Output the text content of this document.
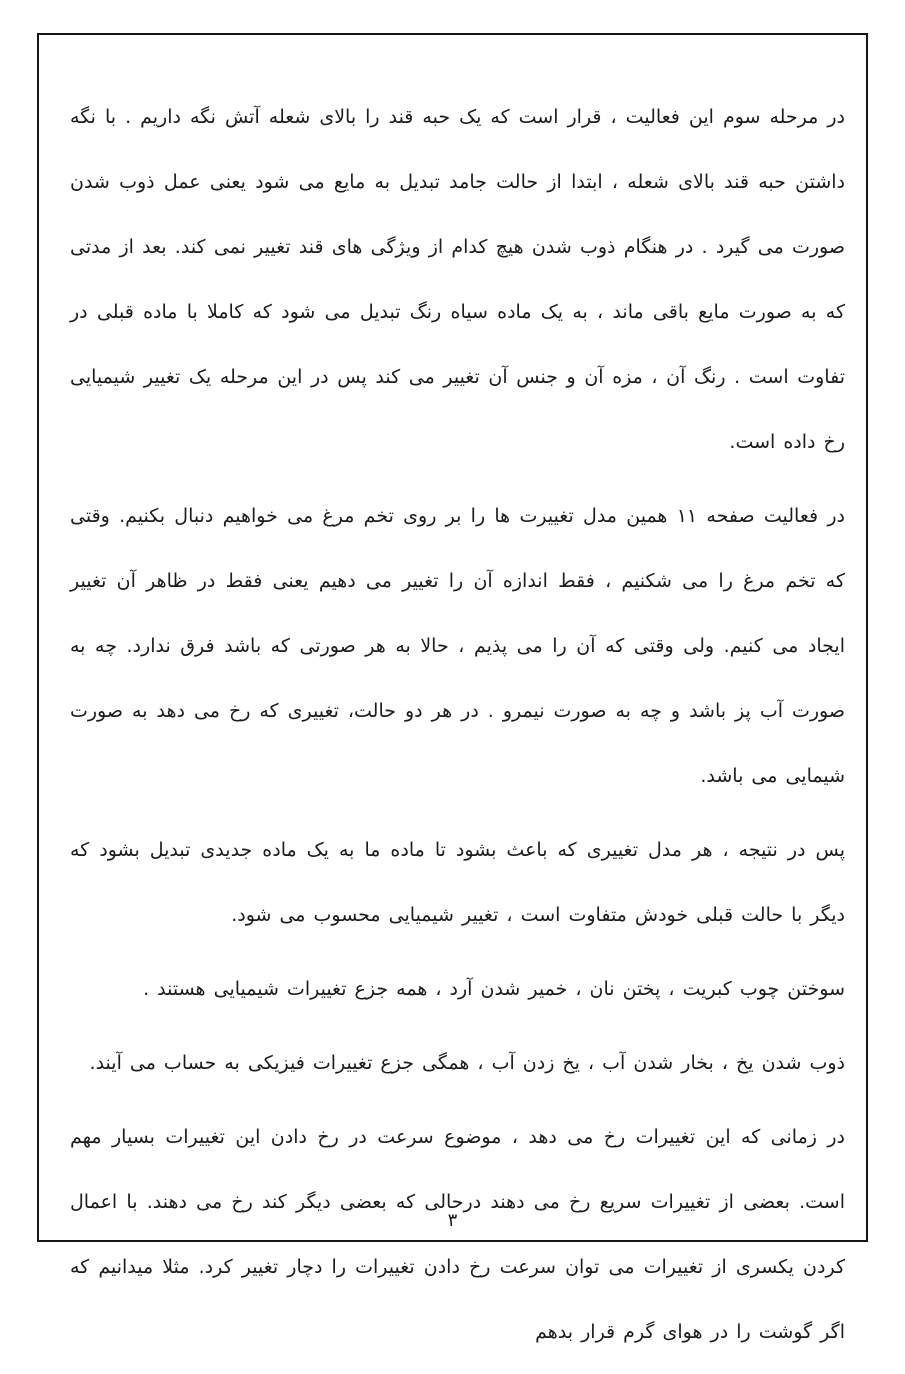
در مرحله سوم این فعالیت ، قرار است که یک حبه قند را بالای شعله آتش نگه داریم . با نگه داشتن حبه قند بالای شعله ، ابتدا از حالت جامد تبدیل به مایع می شود یعنی عمل ذوب شدن صورت می گیرد . در هنگام ذوب شدن هیچ کدام از ویژگی های قند تغییر نمی کند. بعد از مدتی که به صورت مایع باقی ماند ، به یک ماده سیاه رنگ تبدیل می شود که کاملا با ماده قبلی در تفاوت است . رنگ آن ، مزه آن و جنس آن تغییر می کند پس در این مرحله یک تغییر شیمیایی رخ داده است.

در فعالیت صفحه ۱۱ همین مدل تغییرت ها را بر روی تخم مرغ می خواهیم دنبال بکنیم. وقتی که تخم مرغ را می شکنیم ، فقط اندازه آن را تغییر می دهیم یعنی فقط در ظاهر آن تغییر ایجاد می کنیم. ولی وقتی که آن را می پذیم ، حالا به هر صورتی که باشد فرق ندارد. چه به صورت آب پز باشد و چه به صورت نیمرو . در هر دو حالت، تغییری که رخ می دهد به صورت شیمایی می باشد.

پس در نتیجه ، هر مدل تغییری که باعث بشود تا ماده ما به یک ماده جدیدی تبدیل بشود که دیگر با حالت قبلی خودش متفاوت است ، تغییر شیمیایی محسوب می شود.

سوختن چوب کبریت ، پختن نان ، خمیر شدن آرد ، همه جزع تغییرات شیمیایی هستند .

ذوب شدن یخ ، بخار شدن آب ، یخ زدن آب ، همگی جزع تغییرات فیزیکی به حساب می آیند.

در زمانی که این تغییرات رخ می دهد ، موضوع سرعت در رخ دادن این تغییرات بسیار مهم است. بعضی از تغییرات سریع رخ می دهند درحالی که بعضی دیگر کند رخ می دهند. با اعمال کردن یکسری از تغییرات می توان سرعت رخ دادن تغییرات را دچار تغییر کرد. مثلا میدانیم که اگر گوشت را در هوای گرم قرار بدهم

۳
